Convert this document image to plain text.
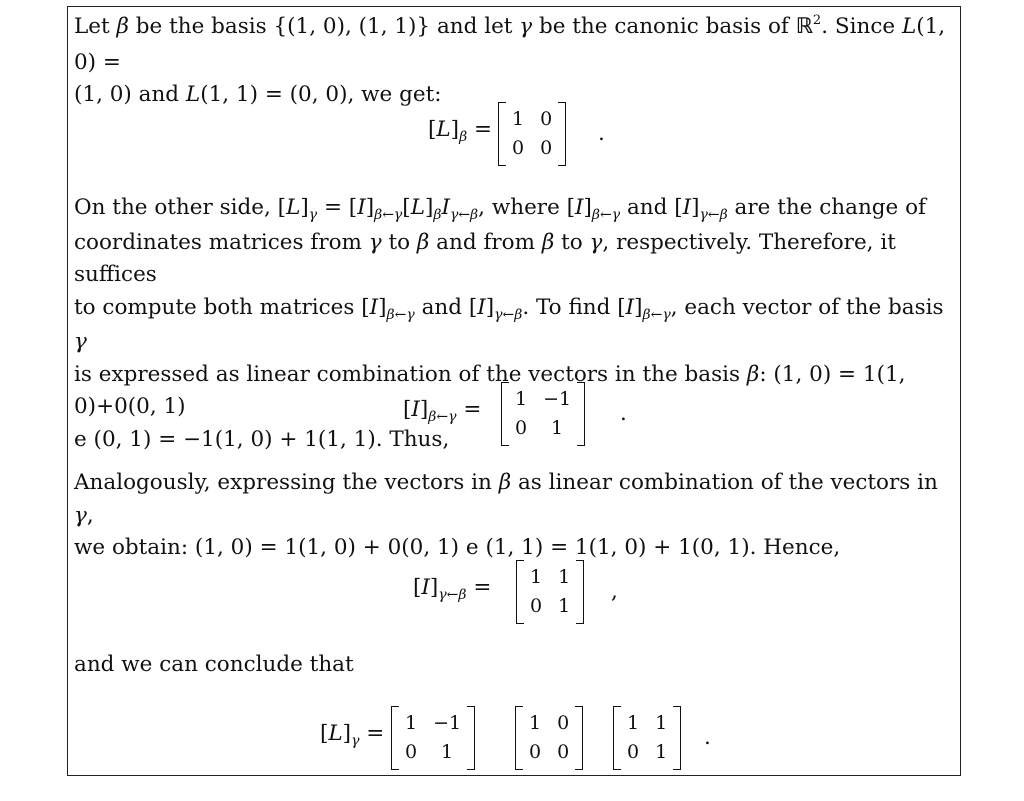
Let β be the basis {(1, 0), (1, 1)} and let γ be the canonic basis of ℝ$^2$. Since L(1, 0) =
(1, 0) and L(1, 1) = (0, 0), we get:

$[L]_\beta = 1$ 0
0 0
.

On the other side, $[L]_\gamma = [I]_{\beta\leftarrow\gamma}[L]_\beta I_{\gamma\leftarrow\beta}$, where $[I]_{\beta\leftarrow\gamma}$ and $[I]_{\gamma\leftarrow\beta}$ are the change of
coordinates matrices from γ to β and from β to γ, respectively. Therefore, it suffices
to compute both matrices $[I]_{\beta\leftarrow\gamma}$ and $[I]_{\gamma\leftarrow\beta}$. To find $[I]_{\beta\leftarrow\gamma}$, each vector of the basis γ
is expressed as linear combination of the vectors in the basis β: (1, 0) = 1(1, 0)+0(0, 1)
e (0, 1) = −1(1, 0) + 1(1, 1). Thus,

$[I]_{\beta\leftarrow\gamma} = 1 -1$
0	1
.

Analogously, expressing the vectors in β as linear combination of the vectors in γ,
we obtain: (1, 0) = 1(1, 0) + 0(0, 1) e (1, 1) = 1(1, 0) + 1(0, 1). Hence,

$[I]_{\gamma\leftarrow\beta} = 1$ 1
0 1
,

and we can conclude that

$[L]_\gamma = 1 -1$
0	1
1 0
0 0
1 1
0 1
.
